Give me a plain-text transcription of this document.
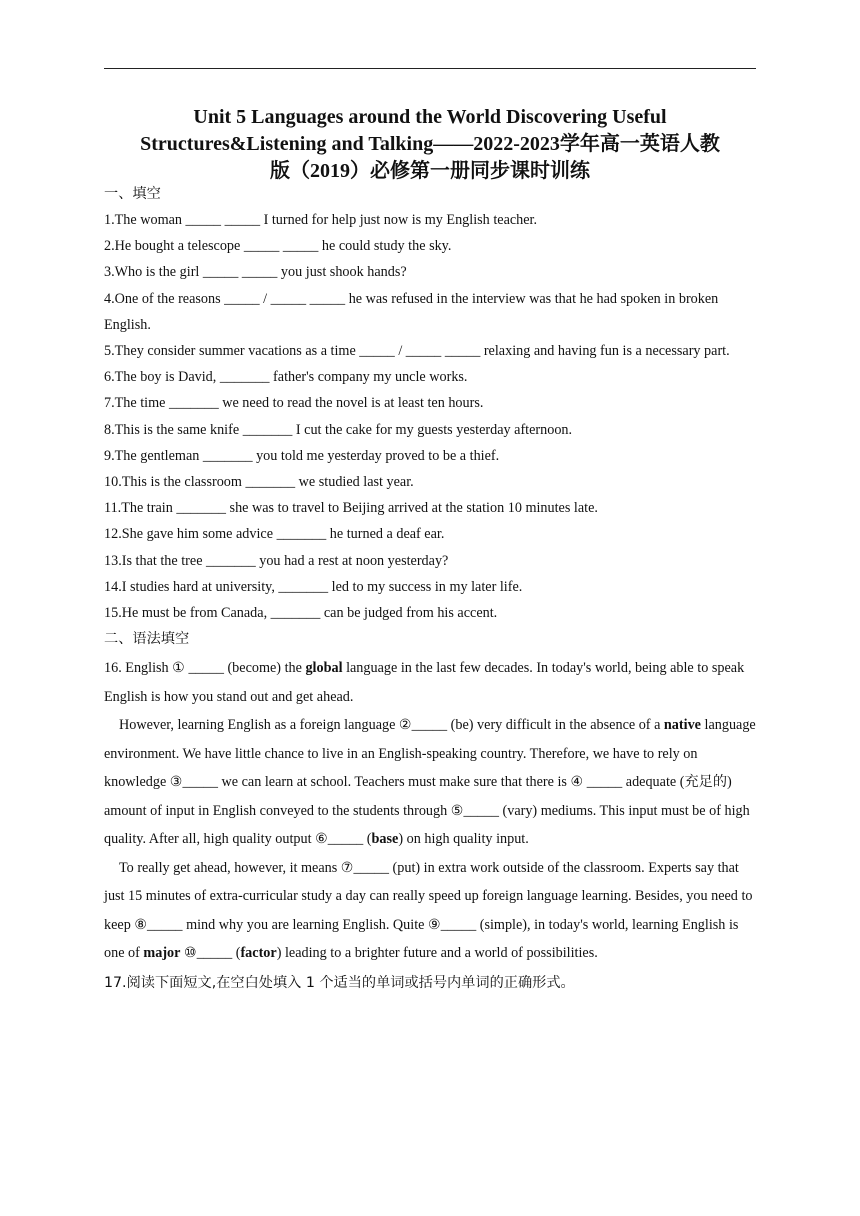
Unit 5 Languages around the World Discovering Useful
Structures&Listening and Talking——2022-2023学年高一英语人教
版（2019）必修第一册同步课时训练
一、填空
1.The woman _____ _____ I turned for help just now is my English teacher.
2.He bought a telescope _____ _____ he could study the sky.
3.Who is the girl _____ _____ you just shook hands?
4.One of the reasons _____ / _____ _____ he was refused in the interview was that he had spoken in broken English.
5.They consider summer vacations as a time _____ / _____ _____ relaxing and having fun is a necessary part.
6.The boy is David, _______ father's company my uncle works.
7.The time _______ we need to read the novel is at least ten hours.
8.This is the same knife _______ I cut the cake for my guests yesterday afternoon.
9.The gentleman _______ you told me yesterday proved to be a thief.
10.This is the classroom _______ we studied last year.
11.The train _______ she was to travel to Beijing arrived at the station 10 minutes late.
12.She gave him some advice _______ he turned a deaf ear.
13.Is that the tree _______ you had a rest at noon yesterday?
14.I studies hard at university, _______ led to my success in my later life.
15.He must be from Canada, _______ can be judged from his accent.
二、语法填空

16. English ① _____ (become) the global language in the last few decades. In today's world, being able to speak English is how you stand out and get ahead.

However, learning English as a foreign language ②_____ (be) very difficult in the absence of a native language environment. We have little chance to live in an English-speaking country. Therefore, we have to rely on knowledge ③_____ we can learn at school. Teachers must make sure that there is ④ _____ adequate (充足的) amount of input in English conveyed to the students through ⑤_____ (vary) mediums. This input must be of high quality. After all, high quality output ⑥_____ (base) on high quality input.

To really get ahead, however, it means ⑦_____ (put) in extra work outside of the classroom. Experts say that just 15 minutes of extra-curricular study a day can really speed up foreign language learning. Besides, you need to keep ⑧_____ mind why you are learning English. Quite ⑨_____ (simple), in today's world, learning English is one of major ⑩_____ (factor) leading to a brighter future and a world of possibilities.

17.阅读下面短文,在空白处填入 1 个适当的单词或括号内单词的正确形式。
